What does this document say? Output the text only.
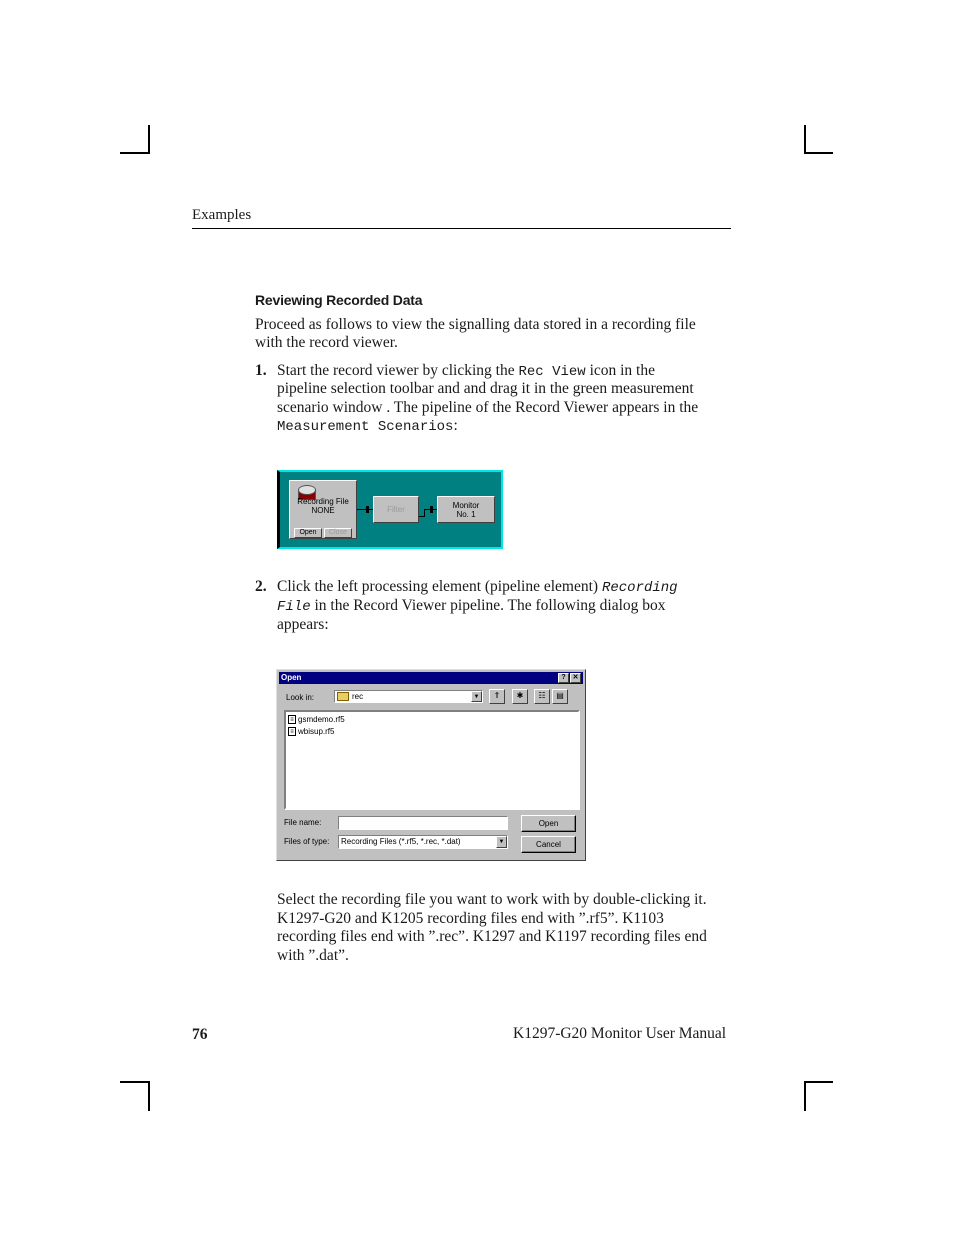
Examples
Reviewing Recorded Data

Proceed as follows to view the signalling data stored in a recording file

with the record viewer.

1. Start the record viewer by clicking the Rec View icon in the

pipeline selection toolbar and and drag it in the green measurement

scenario window . The pipeline of the Record Viewer appears in the

Measurement Scenarios:

Recording File
NONE
Open	Close
Filter	Monitor
No. 1
2. Click the left processing element (pipeline element) Recording

File in the Record Viewer pipeline. The following dialog box

appears:

Open	? ✕
Look in:	rec	▼	⇑	✱	☷	▤
≡ gsmdemo.rf5
≡ wbisup.rf5
File name:	Open
Files of type:	Recording Files (*.rf5, *.rec, *.dat)	▼	Cancel

Select the recording file you want to work with by double-clicking it.

K1297-G20 and K1205 recording files end with ”.rf5”. K1103

recording files end with ”.rec”. K1297 and K1197 recording files end

with ”.dat”.

76	K1297-G20 Monitor User Manual
